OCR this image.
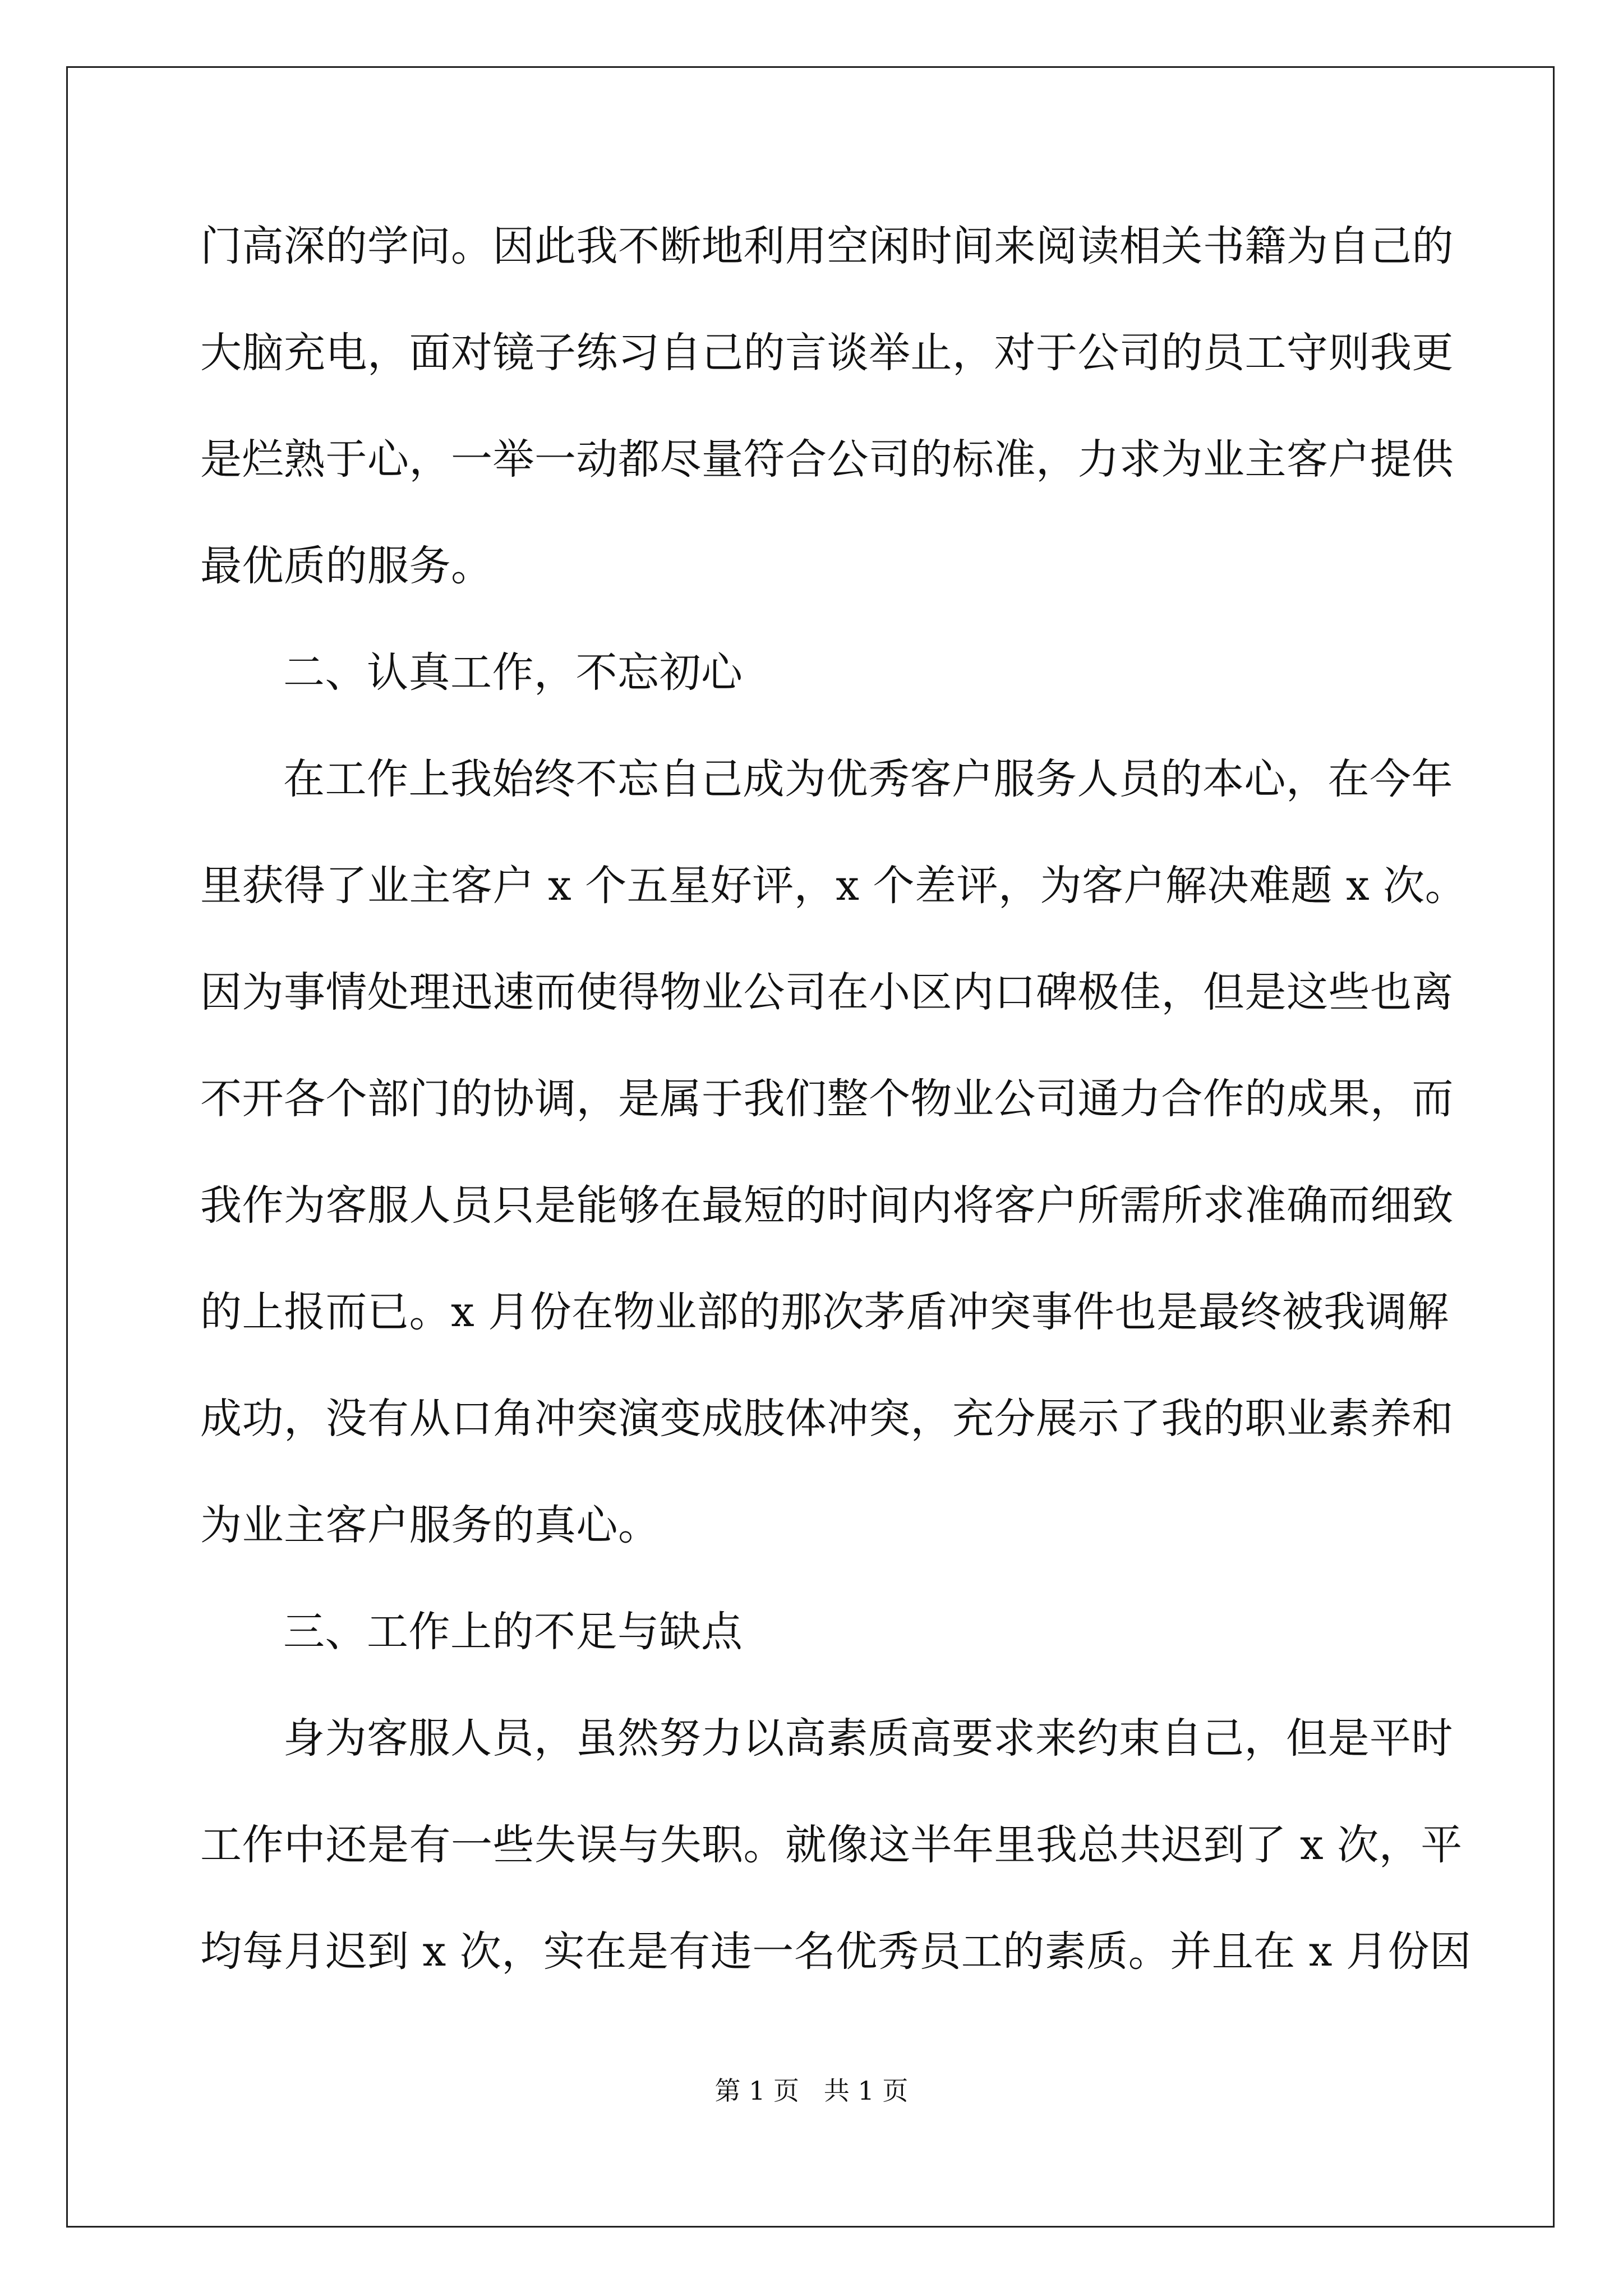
门高深的学问。因此我不断地利用空闲时间来阅读相关书籍为自己的
大脑充电，面对镜子练习自己的言谈举止，对于公司的员工守则我更
是烂熟于心，一举一动都尽量符合公司的标准，力求为业主客户提供
最优质的服务。
二、认真工作，不忘初心
在工作上我始终不忘自己成为优秀客户服务人员的本心，在今年
里获得了业主客户 x 个五星好评，x 个差评，为客户解决难题 x 次。
因为事情处理迅速而使得物业公司在小区内口碑极佳，但是这些也离
不开各个部门的协调，是属于我们整个物业公司通力合作的成果，而
我作为客服人员只是能够在最短的时间内将客户所需所求准确而细致
的上报而已。x 月份在物业部的那次茅盾冲突事件也是最终被我调解
成功，没有从口角冲突演变成肢体冲突，充分展示了我的职业素养和
为业主客户服务的真心。
三、工作上的不足与缺点
身为客服人员，虽然努力以高素质高要求来约束自己，但是平时
工作中还是有一些失误与失职。就像这半年里我总共迟到了 x 次，平
均每月迟到 x 次，实在是有违一名优秀员工的素质。并且在 x 月份因
第 1 页   共 1 页
